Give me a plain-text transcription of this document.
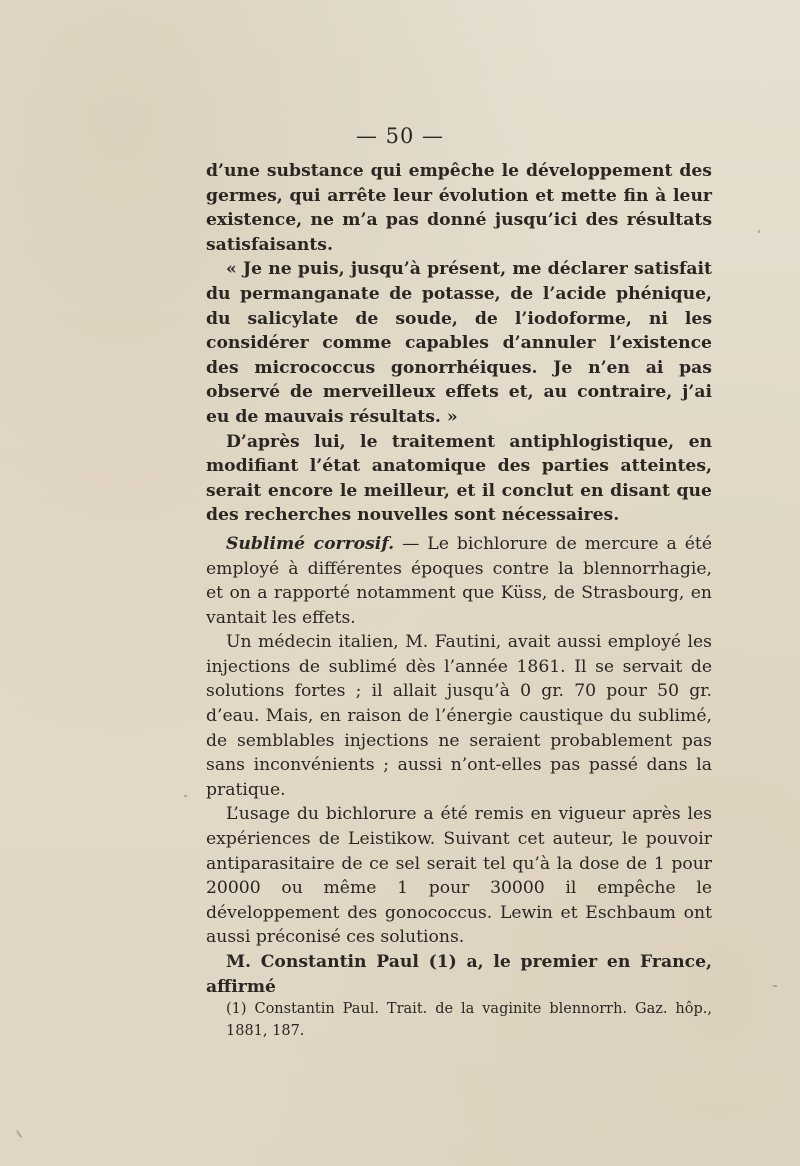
— 50 —

d’une substance qui empêche le développement des germes, qui arrête leur évolution et mette fin à leur existence, ne m’a pas donné jusqu’ici des résultats satisfaisants.

« Je ne puis, jusqu’à présent, me déclarer satisfait du permanganate de potasse, de l’acide phénique, du salicylate de soude, de l’iodoforme, ni les considérer comme capables d’annuler l’existence des micrococcus gonorrhéiques. Je n’en ai pas observé de merveilleux effets et, au contraire, j’ai eu de mauvais résultats. »

D’après lui, le traitement antiphlogistique, en modifiant l’état anatomique des parties atteintes, serait encore le meilleur, et il conclut en disant que des recherches nouvelles sont nécessaires.

Sublimé corrosif. — Le bichlorure de mercure a été employé à différentes époques contre la blennorrhagie, et on a rapporté notamment que Küss, de Strasbourg, en vantait les effets.

Un médecin italien, M. Fautini, avait aussi employé les injections de sublimé dès l’année 1861. Il se servait de solutions fortes ; il allait jusqu’à 0 gr. 70 pour 50 gr. d’eau. Mais, en raison de l’énergie caustique du sublimé, de semblables injections ne seraient probablement pas sans inconvénients ; aussi n’ont-elles pas passé dans la pratique.

L’usage du bichlorure a été remis en vigueur après les expériences de Leistikow. Suivant cet auteur, le pouvoir antiparasitaire de ce sel serait tel qu’à la dose de 1 pour 20000 ou même 1 pour 30000 il empêche le développement des gonococcus. Lewin et Eschbaum ont aussi préconisé ces solutions.

M. Constantin Paul (1) a, le premier en France, affirmé

(1) Constantin Paul. Trait. de la vaginite blennorrh. Gaz. hôp., 1881, 187.
